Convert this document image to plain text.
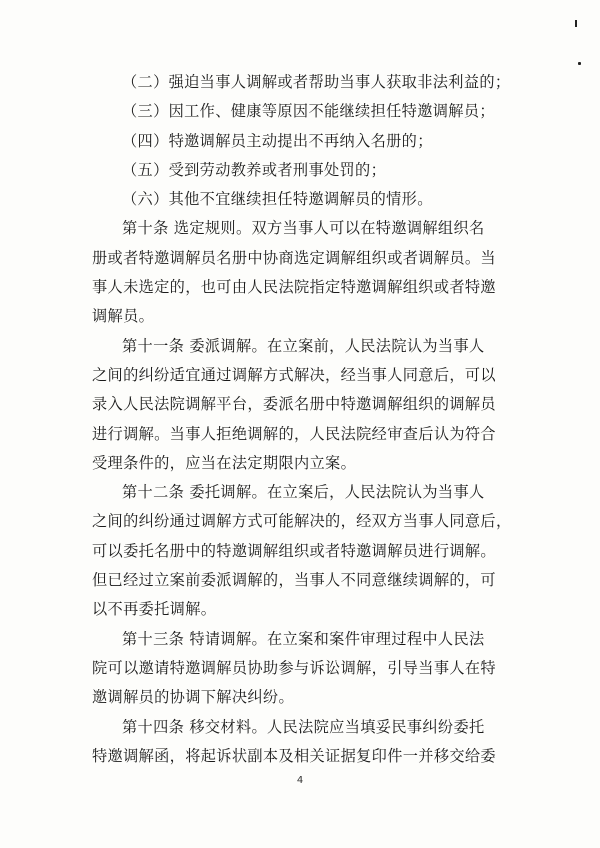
（二）强迫当事人调解或者帮助当事人获取非法利益的；
（三）因工作、健康等原因不能继续担任特邀调解员；
（四）特邀调解员主动提出不再纳入名册的；
（五）受到劳动教养或者刑事处罚的；
（六）其他不宜继续担任特邀调解员的情形。
第十条 选定规则。双方当事人可以在特邀调解组织名
册或者特邀调解员名册中协商选定调解组织或者调解员。当
事人未选定的，也可由人民法院指定特邀调解组织或者特邀
调解员。
第十一条 委派调解。在立案前，人民法院认为当事人
之间的纠纷适宜通过调解方式解决，经当事人同意后，可以
录入人民法院调解平台，委派名册中特邀调解组织的调解员
进行调解。当事人拒绝调解的，人民法院经审查后认为符合
受理条件的，应当在法定期限内立案。
第十二条 委托调解。在立案后，人民法院认为当事人
之间的纠纷通过调解方式可能解决的，经双方当事人同意后，
可以委托名册中的特邀调解组织或者特邀调解员进行调解。
但已经过立案前委派调解的，当事人不同意继续调解的，可
以不再委托调解。
第十三条 特请调解。在立案和案件审理过程中人民法
院可以邀请特邀调解员协助参与诉讼调解，引导当事人在特
邀调解员的协调下解决纠纷。
第十四条 移交材料。人民法院应当填妥民事纠纷委托
特邀调解函，将起诉状副本及相关证据复印件一并移交给委
4
